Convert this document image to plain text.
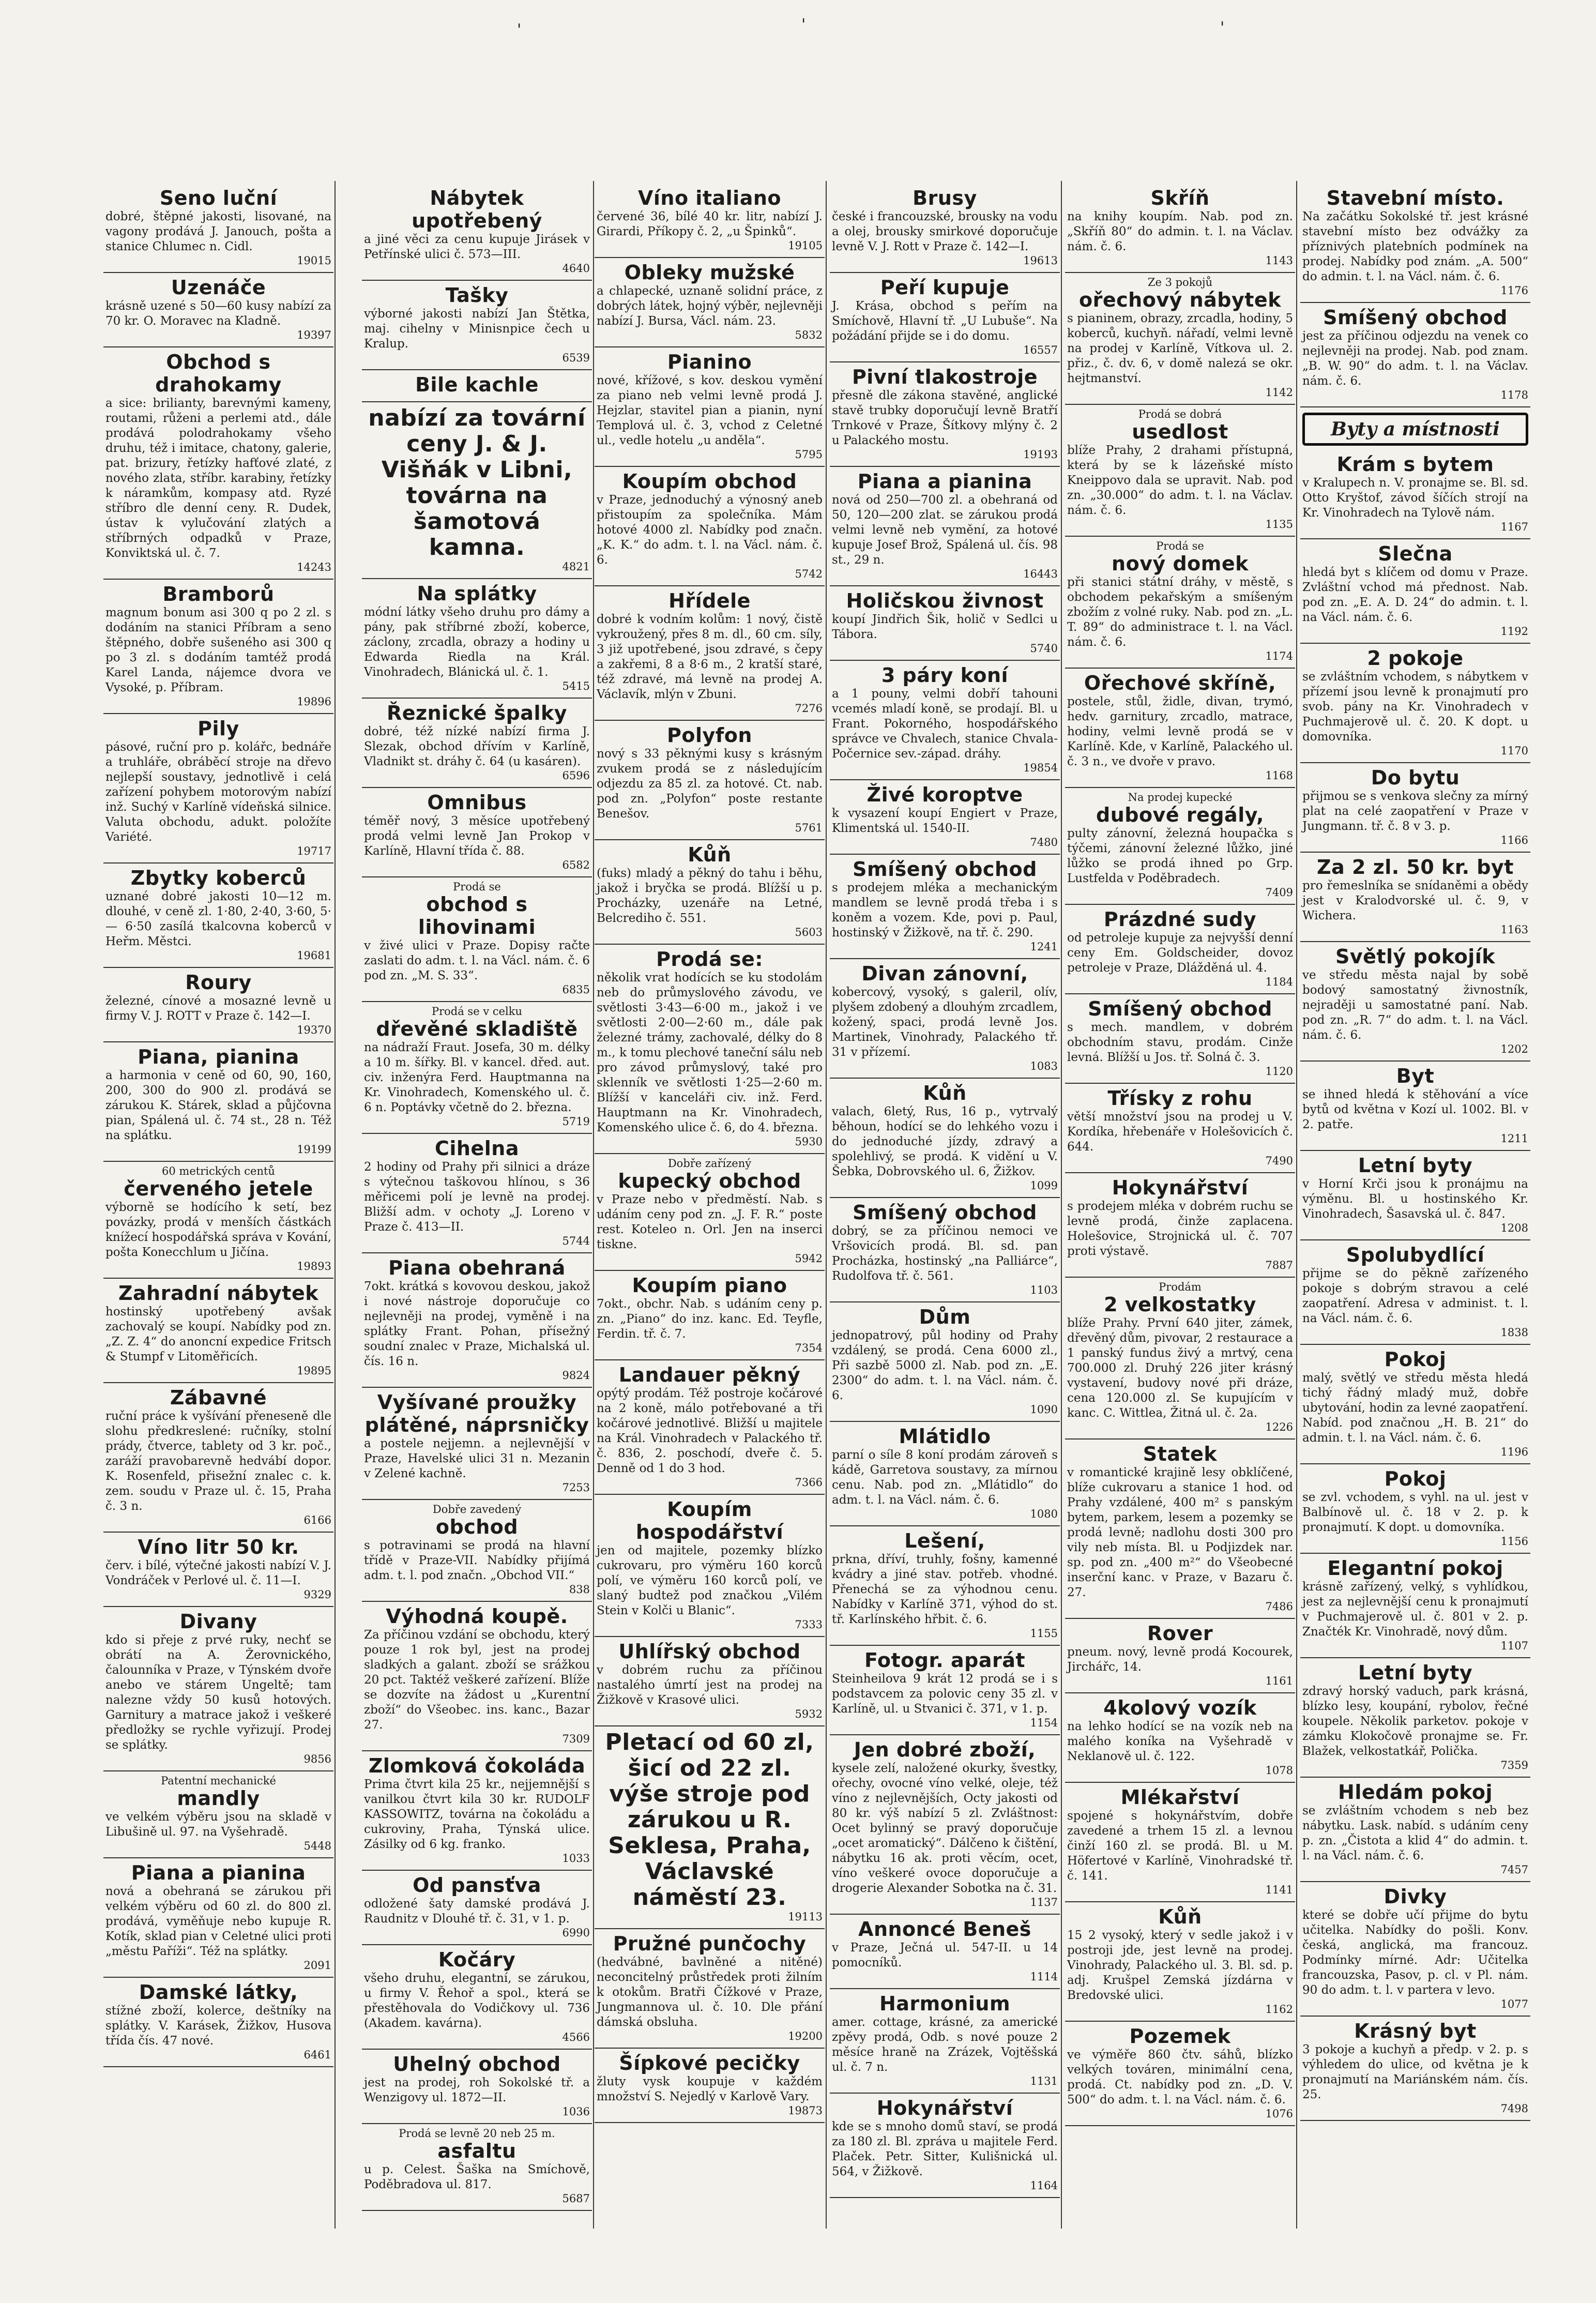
'	'	'
Seno luční
dobré, štěpné jakosti, lisované, na vagony prodává J. Janouch, pošta a stanice Chlumec n. Cidl.
19015
Uzenáče
krásně uzené s 50—60 kusy nabízí za 70 kr. O. Moravec na Kladně.
19397
Obchod s drahokamy
a sice: brilianty, barevnými kameny, routami, růženi a perlemi atd., dále prodává polodrahokamy všeho druhu, též i imitace, chatony, galerie, pat. brizury, řetízky hafťové zlaté, z nového zlata, stříbr. karabiny, řetízky k náramkům, kompasy atd. Ryzé stříbro dle denní ceny. R. Dudek, ústav k vylučování zlatých a stříbrných odpadků v Praze, Konviktská ul. č. 7.
14243
Bramborů
magnum bonum asi 300 q po 2 zl. s dodáním na stanici Příbram a seno štěpného, dobře sušeného asi 300 q po 3 zl. s dodáním tamtéž prodá Karel Landa, nájemce dvora ve Vysoké, p. Příbram.
19896
Pily
pásové, ruční pro p. kolářc, bednáře a truhláře, obráběcí stroje na dřevo nejlepší soustavy, jednotlivě i celá zařízení pohybem motorovým nabízí inž. Suchý v Karlíně vídeňská silnice. Valuta obchodu, adukt. položíte Variété.
19717
Zbytky koberců
uznané dobré jakosti 10—12 m. dlouhé, v ceně zl. 1·80, 2·40, 3·60, 5·— 6·50 zasílá tkalcovna koberců v Heřm. Městci.
19681
Roury
železné, cínové a mosazné levně u firmy V. J. ROTT v Praze č. 142—I.
19370
Piana, pianina
a harmonia v ceně od 60, 90, 160, 200, 300 do 900 zl. prodává se zárukou K. Stárek, sklad a půjčovna pian, Spálená ul. č. 74 st., 28 n. Též na splátku.
19199
60 metrických centů
červeného jetele
výborně se hodícího k setí, bez povázky, prodá v menších částkách knížecí hospodářská správa v Kování, pošta Konecchlum u Jičína.
19893
Zahradní nábytek
hostinský upotřebený avšak zachovalý se koupí. Nabídky pod zn. „Z. Z. 4“ do anoncní expedice Fritsch & Stumpf v Litoměřicích.
19895
Zábavné
ruční práce k vyšívání přeneseně dle slohu předkreslené: ručníky, stolní prády, čtverce, tablety od 3 kr. poč., zaráží pravobarevně hedvábí dopor. K. Rosenfeld, přisežní znalec c. k. zem. soudu v Praze ul. č. 15, Praha č. 3 n.
6166
Víno litr 50 kr.
červ. i bílé, výtečné jakosti nabízí V. J. Vondráček v Perlové ul. č. 11—I.
9329
Divany
kdo si přeje z prvé ruky, nechť se obrátí na A. Žerovnického, čalounníka v Praze, v Týnském dvoře anebo ve stárem Ungeltě; tam nalezne vždy 50 kusů hotových. Garnitury a matrace jakož i veškeré předložky se rychle vyřizují. Prodej se splátky.
9856
Patentní mechanické
mandly
ve velkém výběru jsou na skladě v Libušině ul. 97. na Vyšehradě.
5448
Piana a pianina
nová a obehraná se zárukou při velkém výběru od 60 zl. do 800 zl. prodává, vyměňuje nebo kupuje R. Kotík, sklad pian v Celetné ulici proti „městu Paříži“. Též na splátky.
2091
Damské látky,
stížné zboží, kolerce, deštníky na splátky. V. Karásek, Žižkov, Husova třída čís. 47 nové.
6461
Nábytek upotřebený
a jiné věci za cenu kupuje Jirásek v Petřínské ulici č. 573—III.
4640
Tašky
výborné jakosti nabízí Jan Štětka, maj. cihelny v Minisnpice čech u Kralup.
6539
Bile kachle
nabízí za tovární ceny J. & J. Višňák v Libni, továrna na šamotová kamna.
4821
Na splátky
módní látky všeho druhu pro dámy a pány, pak stříbrné zboží, koberce, záclony, zrcadla, obrazy a hodiny u Edwarda Riedla na Král. Vinohradech, Blánická ul. č. 1.
5415
Řeznické špalky
dobré, též nízké nabízí firma J. Slezak, obchod dřívím v Karlíně, Vladnikt st. dráhy č. 64 (u kasáren).
6596
Omnibus
téměř nový, 3 měsíce upotřebený prodá velmi levně Jan Prokop v Karlíně, Hlavní třída č. 88.
6582
Prodá se
obchod s lihovinami
v živé ulici v Praze. Dopisy račte zaslati do adm. t. l. na Václ. nám. č. 6 pod zn. „M. S. 33“.
6835
Prodá se v celku
dřevěné skladiště
na nádraží Fraut. Josefa, 30 m. délky a 10 m. šířky. Bl. v kancel. dřed. aut. civ. inženýra Ferd. Hauptmanna na Kr. Vinohradech, Komenského ul. č. 6 n. Poptávky včetně do 2. března.
5719
Cihelna
2 hodiny od Prahy při silnici a dráze s výtečnou taškovou hlínou, s 36 měřicemi polí je levně na prodej. Bližší adm. v ochoty „J. Loreno v Praze č. 413—II.
5744
Piana obehraná
7okt. krátká s kovovou deskou, jakož i nové nástroje doporučuje co nejlevněji na prodej, vyměně i na splátky Frant. Pohan, přísežný soudní znalec v Praze, Michalská ul. čís. 16 n.
9824
Vyšívané proužky plátěné, náprsničky
a postele nejjemn. a nejlevnější v Praze, Havelské ulici 31 n. Mezanin v Zelené kachně.
7253
Dobře zavedený
obchod
s potravinami se prodá na hlavní třídě v Praze-VII. Nabídky přijímá adm. t. l. pod značn. „Obchod VII.“
838
Výhodná koupě.
Za příčinou vzdání se obchodu, který pouze 1 rok byl, jest na prodej sladkých a galant. zboží se srážkou 20 pct. Taktéž veškeré zařízení. Blíže se dozvíte na žádost u „Kurentní zboží“ do Všeobec. ins. kanc., Bazar 27.
7309
Zlomková čokoláda
Prima čtvrt kila 25 kr., nejjemnější s vanilkou čtvrt kila 30 kr. RUDOLF KASSOWITZ, továrna na čokoládu a cukroviny, Praha, Týnská ulice. Zásilky od 6 kg. franko.
1033
Od pansťva
odložené šaty damské prodává J. Raudnitz v Dlouhé tř. č. 31, v 1. p.
6990
Kočáry
všeho druhu, elegantní, se zárukou, u firmy V. Řehoř a spol., která se přestěhovala do Vodičkovy ul. 736 (Akadem. kavárna).
4566
Uhelný obchod
jest na prodej, roh Sokolské tř. a Wenzigovy ul. 1872—II.
1036
Prodá se levně 20 neb 25 m.
asfaltu
u p. Celest. Šaška na Smíchově, Poděbradova ul. 817.
5687
Víno italiano
červené 36, bílé 40 kr. litr, nabízí J. Girardi, Příkopy č. 2, „u Špinků“.
19105
Obleky mužské
a chlapecké, uznaně solidní práce, z dobrých látek, hojný výběr, nejlevněji nabízí J. Bursa, Václ. nám. 23.
5832
Pianino
nové, křížové, s kov. deskou vymění za piano neb velmi levně prodá J. Hejzlar, stavitel pian a pianin, nyní Templová ul. č. 3, vchod z Celetné ul., vedle hotelu „u anděla“.
5795
Koupím obchod
v Praze, jednoduchý a výnosný aneb přistoupím za společníka. Mám hotové 4000 zl. Nabídky pod značn. „K. K.“ do adm. t. l. na Václ. nám. č. 6.
5742
Hřídele
dobré k vodním kolům: 1 nový, čistě vykroužený, přes 8 m. dl., 60 cm. síly, 3 již upotřebené, jsou zdravé, s čepy a zakřemi, 8 a 8·6 m., 2 kratší staré, též zdravé, má levně na prodej A. Václavík, mlýn v Zbuni.
7276
Polyfon
nový s 33 pěknými kusy s krásným zvukem prodá se z následujícím odjezdu za 85 zl. za hotové. Ct. nab. pod zn. „Polyfon“ poste restante Benešov.
5761
Kůň
(fuks) mladý a pěkný do tahu i běhu, jakož i bryčka se prodá. Blížší u p. Procházky, uzenáře na Letné, Belcrediho č. 551.
5603
Prodá se:
několik vrat hodících se ku stodolám neb do průmyslového závodu, ve světlosti 3·43—6·00 m., jakož i ve světlosti 2·00—2·60 m., dále pak železné trámy, zachovalé, délky do 8 m., k tomu plechové taneční sálu neb pro závod průmyslový, také pro sklenník ve světlosti 1·25—2·60 m. Blížší v kanceláři civ. inž. Ferd. Hauptmann na Kr. Vinohradech, Komenského ulice č. 6, do 4. března.
5930
Dobře zařízený
kupecký obchod
v Praze nebo v předměstí. Nab. s udáním ceny pod zn. „J. F. R.“ poste rest. Koteleo n. Orl. Jen na inserci tiskne.
5942
Koupím piano
7okt., obchr. Nab. s udáním ceny p. zn. „Piano“ do inz. kanc. Ed. Teyfle, Ferdin. tř. č. 7.
7354
Landauer pěkný
opýtý prodám. Též postroje kočárové na 2 koně, málo potřebované a tři kočárové jednotlivé. Bližší u majitele na Král. Vinohradech v Palackého tř. č. 836, 2. poschodí, dveře č. 5. Denně od 1 do 3 hod.
7366
Koupím hospodářství
jen od majitele, pozemky blízko cukrovaru, pro výměru 160 korců polí, ve výměru 160 korců polí, ve slaný budtež pod značkou „Vilém Stein v Kolči u Blanic“.
7333
Uhlířský obchod
v dobrém ruchu za příčinou nastalého úmrtí jest na prodej na Žižkově v Krasové ulici.
5932
Pletací od 60 zl, šicí od 22 zl. výše stroje pod zárukou u R. Seklesa, Praha, Václavské náměstí 23.
19113
Pružné punčochy
(hedvábné, bavlněné a nitěné) neconcitelný průstředek proti žilním k otokům. Bratři Čížkové v Praze, Jungmannova ul. č. 10. Dle přání dámská obsluha.
19200
Šípkové pecičky
žluty vysk koupuje v každém množství S. Nejedlý v Karlově Vary.
19873
Brusy
české i francouzské, brousky na vodu a olej, brousky smirkové doporučuje levně V. J. Rott v Praze č. 142—I.
19613
Peří kupuje
J. Krása, obchod s peřím na Smíchově, Hlavní tř. „U Lubuše“. Na požádání přijde se i do domu.
16557
Pivní tlakostroje
přesně dle zákona stavěné, anglické stavě trubky doporučují levně Bratří Trnkové v Praze, Šítkovy mlýny č. 2 u Palackého mostu.
19193
Piana a pianina
nová od 250—700 zl. a obehraná od 50, 120—200 zlat. se zárukou prodá velmi levně neb vymění, za hotové kupuje Josef Brož, Spálená ul. čís. 98 st., 29 n.
16443
Holičskou živnost
koupí Jindřich Šik, holič v Sedlci u Tábora.
5740
3 páry koní
a 1 pouny, velmi dobří tahouni vcemés mladí koně, se prodají. Bl. u Frant. Pokorného, hospodářského správce ve Chvalech, stanice Chvala-Počernice sev.-západ. dráhy.
19854
Živé koroptve
k vysazení koupí Engiert v Praze, Klimentská ul. 1540-II.
7480
Smíšený obchod
s prodejem mléka a mechanickým mandlem se levně prodá třeba i s koněm a vozem. Kde, povi p. Paul, hostinský v Žižkově, na tř. č. 290.
1241
Divan zánovní,
kobercový, vysoký, s galeril, olív, plyšem zdobený a dlouhým zrcadlem, kožený, spaci, prodá levně Jos. Martinek, Vinohrady, Palackého tř. 31 v přízemí.
1083
Kůň
valach, 6letý, Rus, 16 p., vytrvalý běhoun, hodící se do lehkého vozu i do jednoduché jízdy, zdravý a spolehlivý, se prodá. K vidění u V. Šebka, Dobrovského ul. 6, Žižkov.
1099
Smíšený obchod
dobrý, se za příčinou nemoci ve Vršovicích prodá. Bl. sd. pan Procházka, hostinský „na Palliárce“, Rudolfova tř. č. 561.
1103
Dům
jednopatrový, půl hodiny od Prahy vzdálený, se prodá. Cena 6000 zl., Při sazbě 5000 zl. Nab. pod zn. „E. 2300“ do adm. t. l. na Václ. nám. č. 6.
1090
Mlátidlo
parní o síle 8 koní prodám zároveň s kádě, Garretova soustavy, za mírnou cenu. Nab. pod zn. „Mlátidlo“ do adm. t. l. na Václ. nám. č. 6.
1080
Lešení,
prkna, dříví, truhly, fošny, kamenné kvádry a jiné stav. potřeb. vhodné. Přenechá se za výhodnou cenu. Nabídky v Karlíně 371, výhod do st. tř. Karlínského hřbit. č. 6.
1155
Fotogr. aparát
Steinheilova 9 krát 12 prodá se i s podstavcem za polovic ceny 35 zl. v Karlíně, ul. u Stvanici č. 371, v 1. p.
1154
Jen dobré zboží,
kysele zelí, naložené okurky, švestky, ořechy, ovocné víno velké, oleje, též víno z nejlevnějších, Octy jakosti od 80 kr. výš nabízí 5 zl. Zvláštnost: Ocet bylinný se pravý doporučuje „ocet aromatický“. Dálčeno k čištění, nábytku 16 ak. proti věcím, ocet, víno veškeré ovoce doporučuje a drogerie Alexander Sobotka na č. 31.
1137
Annoncé Beneš
v Praze, Ječná ul. 547-II. u 14 pomocníků.
1114
Harmonium
amer. cottage, krásné, za americké zpěvy prodá, Odb. s nové pouze 2 měsíce hraně na Zrázek, Vojtěšská ul. č. 7 n.
1131
Hokynářství
kde se s mnoho domů staví, se prodá za 180 zl. Bl. zpráva u majitele Ferd. Plaček. Petr. Sitter, Kulišnická ul. 564, v Žižkově.
1164
Skříň
na knihy koupím. Nab. pod zn. „Skříň 80“ do admin. t. l. na Václav. nám. č. 6.
1143
Ze 3 pokojů
ořechový nábytek
s pianinem, obrazy, zrcadla, hodiny, 5 koberců, kuchyň. nářadí, velmi levně na prodej v Karlíně, Vítkova ul. 2. přiz., č. dv. 6, v domě nalezá se okr. hejtmanství.
1142
Prodá se dobrá
usedlost
blíže Prahy, 2 drahami přístupná, která by se k lázeňské místo Kneippovo dala se upravit. Nab. pod zn. „30.000“ do adm. t. l. na Václav. nám. č. 6.
1135
Prodá se
nový domek
při stanici státní dráhy, v městě, s obchodem pekařským a smíšeným zbožím z volné ruky. Nab. pod zn. „L. T. 89“ do administrace t. l. na Václ. nám. č. 6.
1174
Ořechové skříně,
postele, stůl, židle, divan, trymó, hedv. garnitury, zrcadlo, matrace, hodiny, velmi levně prodá se v Karlíně. Kde, v Karlíně, Palackého ul. č. 3 n., ve dvoře v pravo.
1168
Na prodej kupecké
dubové regály,
pulty zánovní, železná houpačka s týčemi, zánovní železné lůžko, jiné lůžko se prodá ihned po Grp. Lustfelda v Poděbradech.
7409
Prázdné sudy
od petroleje kupuje za nejvyšší denní ceny Em. Goldscheider, dovoz petroleje v Praze, Dlážděná ul. 4.
1184
Smíšený obchod
s mech. mandlem, v dobrém obchodním stavu, prodám. Cinže levná. Blížší u Jos. tř. Solná č. 3.
1120
Třísky z rohu
větší množství jsou na prodej u V. Kordíka, hřebenáře v Holešovicích č. 644.
7490
Hokynářství
s prodejem mléka v dobrém ruchu se levně prodá, činže zaplacena. Holešovice, Strojnická ul. č. 707 proti výstavě.
7887
Prodám
2 velkostatky
blíže Prahy. První 640 jiter, zámek, dřevěný dům, pivovar, 2 restaurace a 1 panský fundus živý a mrtvý, cena 700.000 zl. Druhý 226 jiter krásný vystavení, budovy nové při dráze, cena 120.000 zl. Se kupujícím v kanc. C. Wittlea, Žitná ul. č. 2a.
1226
Statek
v romantické krajině lesy obklíčené, blíže cukrovaru a stanice 1 hod. od Prahy vzdálené, 400 m² s panským bytem, parkem, lesem a pozemky se prodá levně; nadlohu dosti 300 pro vily neb místa. Bl. u Podjizdek nar. sp. pod zn. „400 m²“ do Všeobecné inserční kanc. v Praze, v Bazaru č. 27.
7486
Rover
pneum. nový, levně prodá Kocourek, Jirchářc, 14.
1161
4kolový vozík
na lehko hodící se na vozík neb na malého koníka na Vyšehradě v Neklanově ul. č. 122.
1078
Mlékařství
spojené s hokynářstvím, dobře zavedené a trhem 15 zl. a levnou činží 160 zl. se prodá. Bl. u M. Höfertové v Karlíně, Vinohradské tř. č. 141.
1141
Kůň
15 2 vysoký, který v sedle jakož i v postroji jde, jest levně na prodej. Vinohrady, Palackého ul. 3. Bl. sd. p. adj. Krušpel Zemská jízdárna v Bredovské ulici.
1162
Pozemek
ve výměře 860 čtv. sáhů, blízko velkých továren, minimální cena, prodá. Ct. nabídky pod zn. „D. V. 500“ do adm. t. l. na Václ. nám. č. 6.
1076
Stavební místo.
Na začátku Sokolské tř. jest krásné stavební místo bez odvážky za příznivých platebních podmínek na prodej. Nabídky pod znám. „A. 500“ do admin. t. l. na Václ. nám. č. 6.
1176
Smíšený obchod
jest za příčinou odjezdu na venek co nejlevněji na prodej. Nab. pod znam. „B. W. 90“ do adm. t. l. na Václav. nám. č. 6.
1178
Byty a místnosti
Krám s bytem
v Kralupech n. V. pronajme se. Bl. sd. Otto Kryštof, závod šíčích strojí na Kr. Vinohradech na Tylově nám.
1167
Slečna
hledá byt s klíčem od domu v Praze. Zvláštní vchod má přednost. Nab. pod zn. „E. A. D. 24“ do admin. t. l. na Václ. nám. č. 6.
1192
2 pokoje
se zvláštním vchodem, s nábytkem v přízemí jsou levně k pronajmutí pro svob. pány na Kr. Vinohradech v Puchmajerově ul. č. 20. K dopt. u domovníka.
1170
Do bytu
přijmou se s venkova slečny za mírný plat na celé zaopatření v Praze v Jungmann. tř. č. 8 v 3. p.
1166
Za 2 zl. 50 kr. byt
pro řemeslníka se snídaněmi a obědy jest v Kralodvorské ul. č. 9, v Wichera.
1163
Světlý pokojík
ve středu města najal by sobě bodový samostatný živnostník, nejraději u samostatné paní. Nab. pod zn. „R. 7“ do adm. t. l. na Václ. nám. č. 6.
1202
Byt
se ihned hledá k stěhování a více bytů od května v Kozí ul. 1002. Bl. v 2. patře.
1211
Letní byty
v Horní Krči jsou k pronájmu na výměnu. Bl. u hostinského Kr. Vinohradech, Šasavská ul. č. 847.
1208
Spolubydlící
přijme se do pěkně zařízeného pokoje s dobrým stravou a celé zaopatření. Adresa v administ. t. l. na Václ. nám. č. 6.
1838
Pokoj
malý, světlý ve středu města hledá tichý řádný mladý muž, dobře ubytování, hodin za levné zaopatření. Nabíd. pod značnou „H. B. 21“ do admin. t. l. na Václ. nám. č. 6.
1196
Pokoj
se zvl. vchodem, s vyhl. na ul. jest v Balbínově ul. č. 18 v 2. p. k pronajmutí. K dopt. u domovníka.
1156
Elegantní pokoj
krásně zařízený, velký, s vyhlídkou, jest za nejlevnější cenu k pronajmutí v Puchmajerově ul. č. 801 v 2. p. Značték Kr. Vinohradě, nový dům.
1107
Letní byty
zdravý horský vaduch, park krásná, blízko lesy, koupání, rybolov, řečné koupele. Několik parketov. pokoje v zámku Klokočově pronajme se. Fr. Blažek, velkostatkář, Polička.
7359
Hledám pokoj
se zvláštním vchodem s neb bez nábytku. Lask. nabíd. s udáním ceny p. zn. „Čistota a klid 4“ do admin. t. l. na Václ. nám. č. 6.
7457
Divky
které se dobře učí přijme do bytu učitelka. Nabídky do pošli. Konv. česká, anglická, ma francouz. Podmínky mírné. Adr: Učitelka francouzska, Pasov, p. cl. v Pl. nám. 90 do adm. t. l. v partera v levo.
1077
Krásný byt
3 pokoje a kuchyň a předp. v 2. p. s výhledem do ulice, od května je k pronajmutí na Mariánském nám. čís. 25.
7498
